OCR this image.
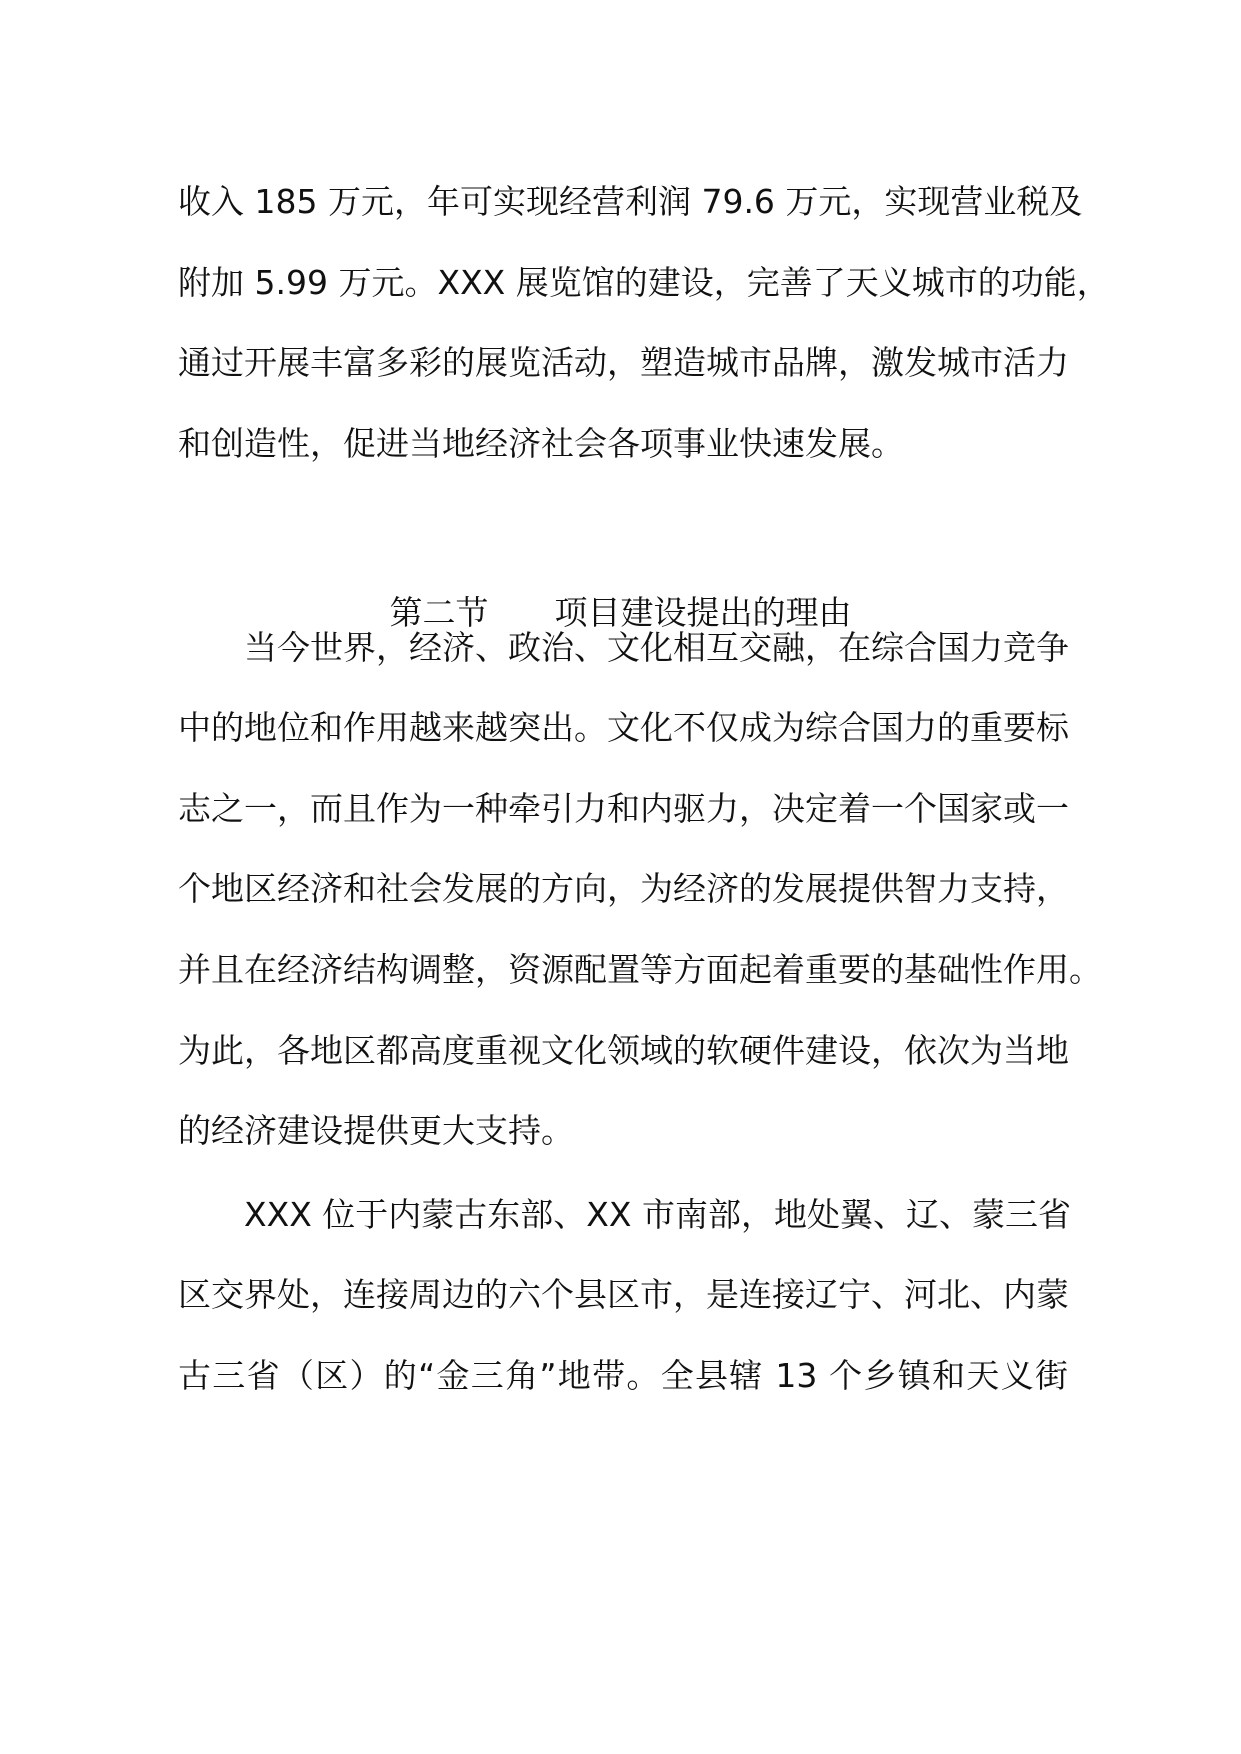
收入 185 万元，年可实现经营利润 79.6 万元，实现营业税及
附加 5.99 万元。XXX 展览馆的建设，完善了天义城市的功能，
通过开展丰富多彩的展览活动，塑造城市品牌，激发城市活力
和创造性，促进当地经济社会各项事业快速发展。
第二节 项目建设提出的理由
当今世界，经济、政治、文化相互交融，在综合国力竞争
中的地位和作用越来越突出。文化不仅成为综合国力的重要标
志之一，而且作为一种牵引力和内驱力，决定着一个国家或一
个地区经济和社会发展的方向，为经济的发展提供智力支持，
并且在经济结构调整，资源配置等方面起着重要的基础性作用。
为此，各地区都高度重视文化领域的软硬件建设，依次为当地
的经济建设提供更大支持。
XXX 位于内蒙古东部、XX 市南部，地处翼、辽、蒙三省
区交界处，连接周边的六个县区市，是连接辽宁、河北、内蒙
古三省（区）的“金三角”地带。全县辖 13 个乡镇和天义街
